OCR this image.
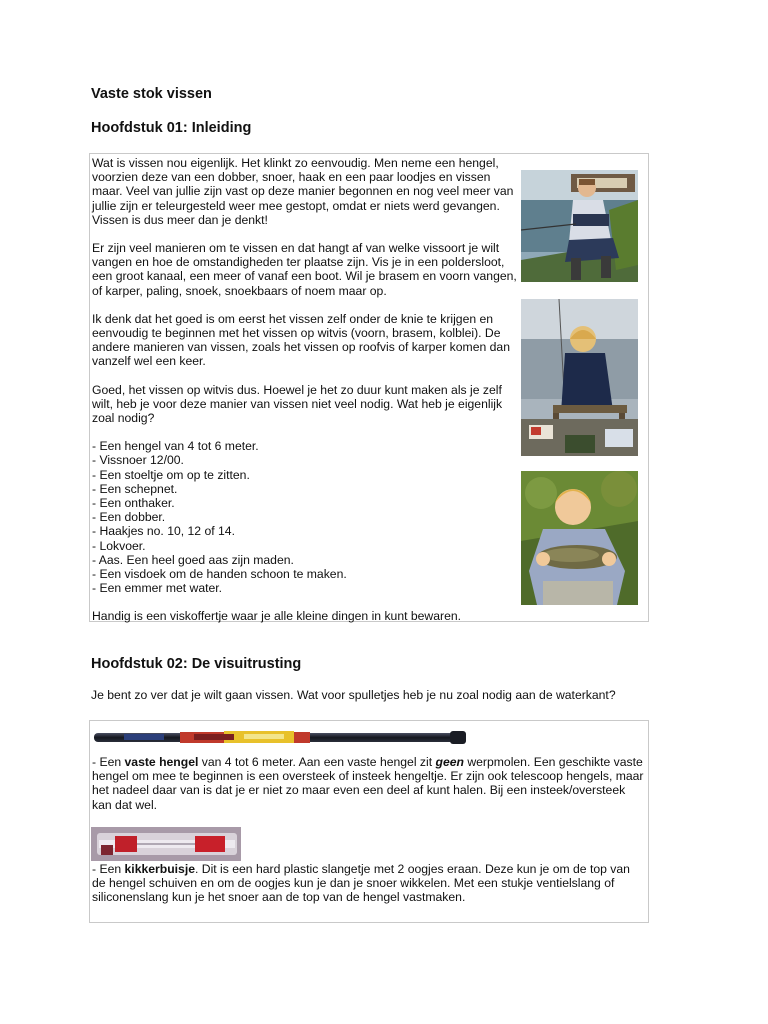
Vaste stok vissen
Hoofdstuk 01: Inleiding

Wat is vissen nou eigenlijk. Het klinkt zo eenvoudig. Men neme een hengel, voorzien deze van een dobber, snoer, haak en een paar loodjes en vissen maar. Veel van jullie zijn vast op deze manier begonnen en nog veel meer van jullie zijn er teleurgesteld weer mee gestopt, omdat er niets werd gevangen. Vissen is dus meer dan je denkt!

Er zijn veel manieren om te vissen en dat hangt af van welke vissoort je wilt vangen en hoe de omstandigheden ter plaatse zijn. Vis je in een poldersloot, een groot kanaal, een meer of vanaf een boot. Wil je brasem en voorn vangen, of karper, paling, snoek, snoekbaars of noem maar op.

Ik denk dat het goed is om eerst het vissen zelf onder de knie te krijgen en eenvoudig te beginnen met het vissen op witvis (voorn, brasem, kolblei). De andere manieren van vissen, zoals het vissen op roofvis of karper komen dan vanzelf wel een keer.

Goed, het vissen op witvis dus. Hoewel je het zo duur kunt maken als je zelf wilt, heb je voor deze manier van vissen niet veel nodig. Wat heb je eigenlijk zoal nodig?

- Een hengel van 4 tot 6 meter.

- Vissnoer 12/00.

- Een stoeltje om op te zitten.

- Een schepnet.

- Een onthaker.

- Een dobber.

- Haakjes no. 10, 12 of 14.

- Lokvoer.

- Aas. Een heel goed aas zijn maden.

- Een visdoek om de handen schoon te maken.

- Een emmer met water.

Handig is een viskoffertje waar je alle kleine dingen in kunt bewaren.

Hoofdstuk 02: De visuitrusting

Je bent zo ver dat je wilt gaan vissen. Wat voor spulletjes heb je nu zoal nodig aan de waterkant?

- Een vaste hengel van 4 tot 6 meter. Aan een vaste hengel zit geen werpmolen. Een geschikte vaste hengel om mee te beginnen is een oversteek of insteek hengeltje. Er zijn ook telescoop hengels, maar het nadeel daar van is dat je er niet zo maar even een deel af kunt halen. Bij een insteek/oversteek kan dat wel.

- Een kikkerbuisje. Dit is een hard plastic slangetje met 2 oogjes eraan. Deze kun je om de top van de hengel schuiven en om de oogjes kun je dan je snoer wikkelen. Met een stukje ventielslang of siliconenslang kun je het snoer aan de top van de hengel vastmaken.
